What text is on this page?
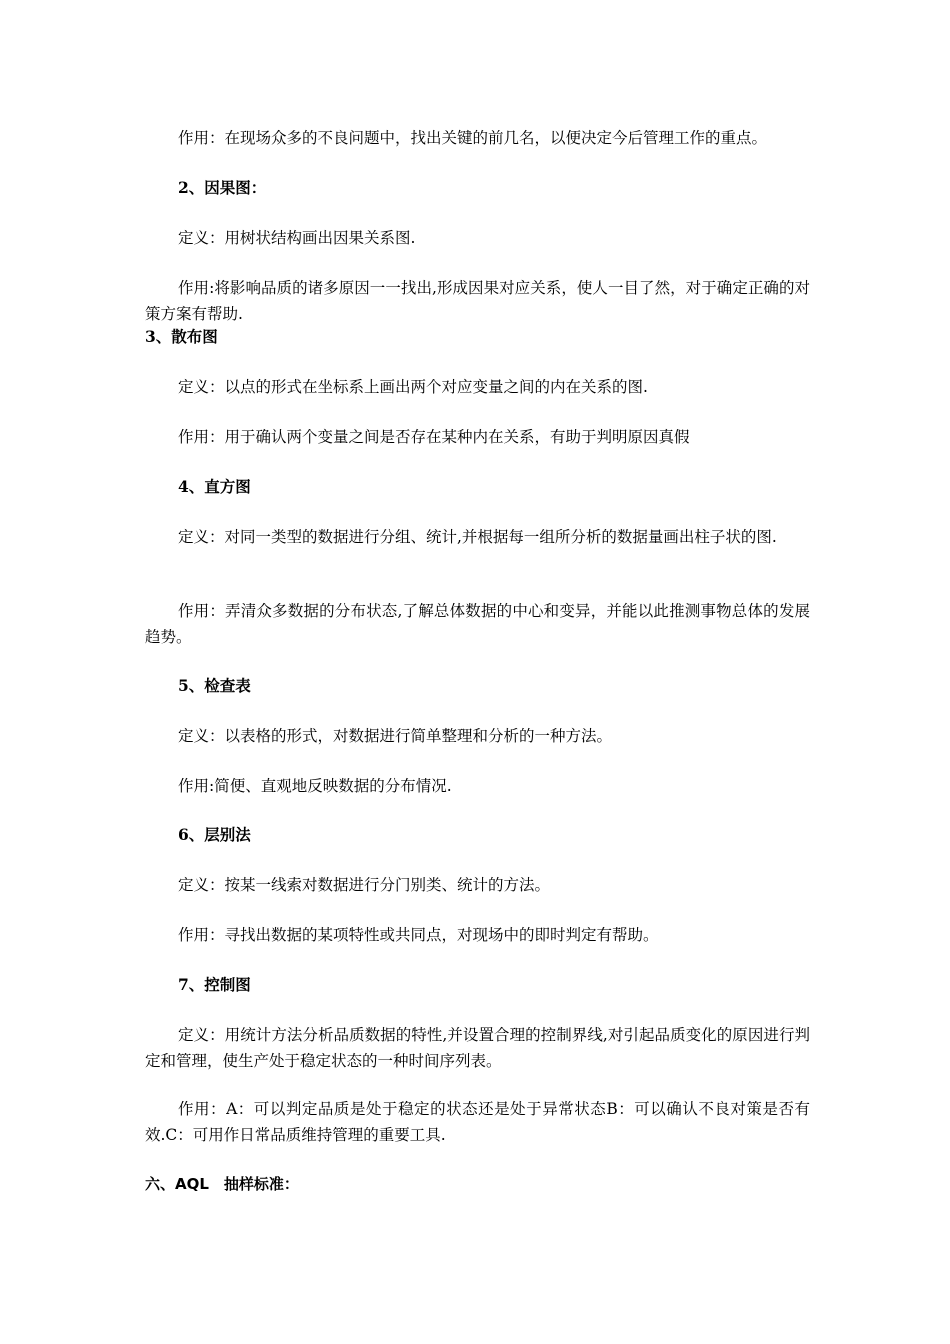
作用：在现场众多的不良问题中，找出关键的前几名，以便决定今后管理工作的重点。
2、因果图：
定义：用树状结构画出因果关系图.
作用:将影响品质的诸多原因一一找出,形成因果对应关系，使人一目了然，对于确定正确的对策方案有帮助.
3、散布图
定义：以点的形式在坐标系上画出两个对应变量之间的内在关系的图.
作用：用于确认两个变量之间是否存在某种内在关系，有助于判明原因真假
4、直方图
定义：对同一类型的数据进行分组、统计,并根据每一组所分析的数据量画出柱子状的图.
作用：弄清众多数据的分布状态,了解总体数据的中心和变异，并能以此推测事物总体的发展趋势。
5、检查表
定义：以表格的形式，对数据进行简单整理和分析的一种方法。
作用:简便、直观地反映数据的分布情况.
6、层别法
定义：按某一线索对数据进行分门别类、统计的方法。
作用：寻找出数据的某项特性或共同点，对现场中的即时判定有帮助。
7、控制图
定义：用统计方法分析品质数据的特性,并设置合理的控制界线,对引起品质变化的原因进行判定和管理，使生产处于稳定状态的一种时间序列表。
作用：A：可以判定品质是处于稳定的状态还是处于异常状态B：可以确认不良对策是否有效.C：可用作日常品质维持管理的重要工具.
六、AQL　抽样标准：
